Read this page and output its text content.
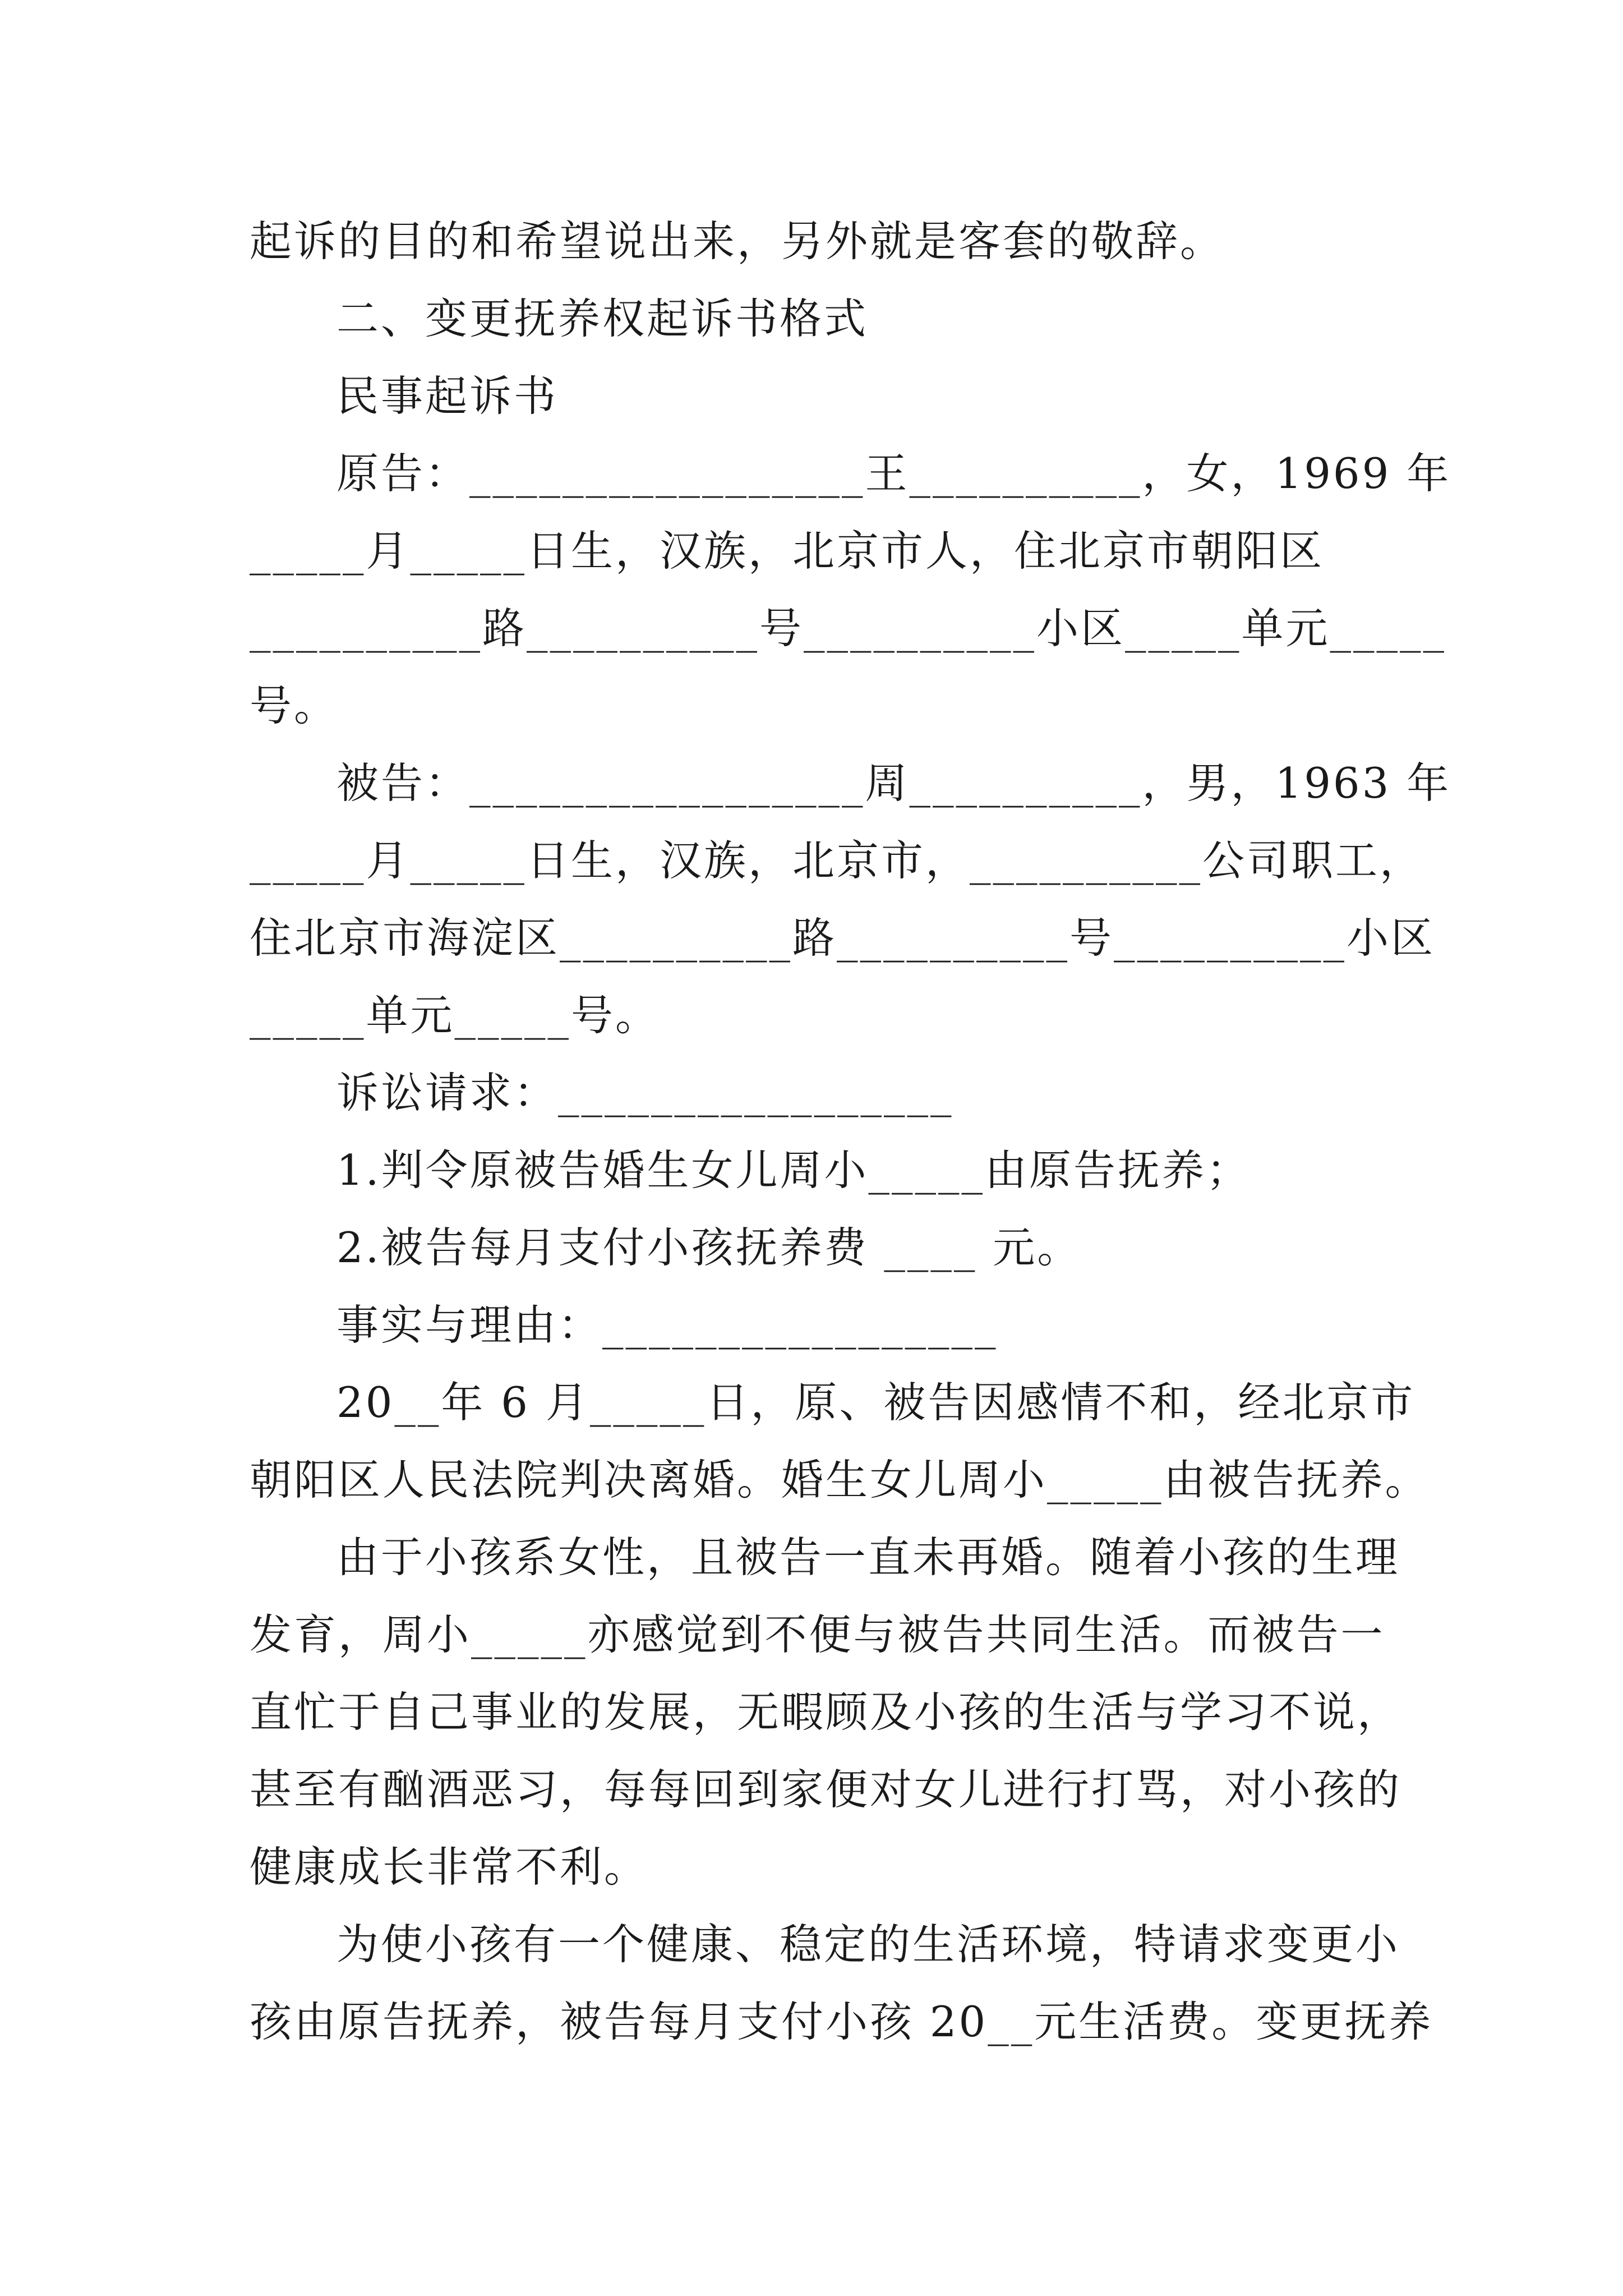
起诉的目的和希望说出来，另外就是客套的敬辞。
二、变更抚养权起诉书格式
民事起诉书
原告：_________________王__________，女，1969 年
_____月_____日生，汉族，北京市人，住北京市朝阳区
__________路__________号__________小区_____单元_____
号。
被告：_________________周__________，男，1963 年
_____月_____日生，汉族，北京市，__________公司职工，
住北京市海淀区__________路__________号__________小区
_____单元_____号。
诉讼请求：_________________
1.判令原被告婚生女儿周小_____由原告抚养；
2.被告每月支付小孩抚养费 ____ 元。
事实与理由：_________________
20__年 6 月_____日，原、被告因感情不和，经北京市
朝阳区人民法院判决离婚。婚生女儿周小_____由被告抚养。
由于小孩系女性，且被告一直未再婚。随着小孩的生理
发育，周小_____亦感觉到不便与被告共同生活。而被告一
直忙于自己事业的发展，无暇顾及小孩的生活与学习不说，
甚至有酗酒恶习，每每回到家便对女儿进行打骂，对小孩的
健康成长非常不利。
为使小孩有一个健康、稳定的生活环境，特请求变更小
孩由原告抚养，被告每月支付小孩 20__元生活费。变更抚养
